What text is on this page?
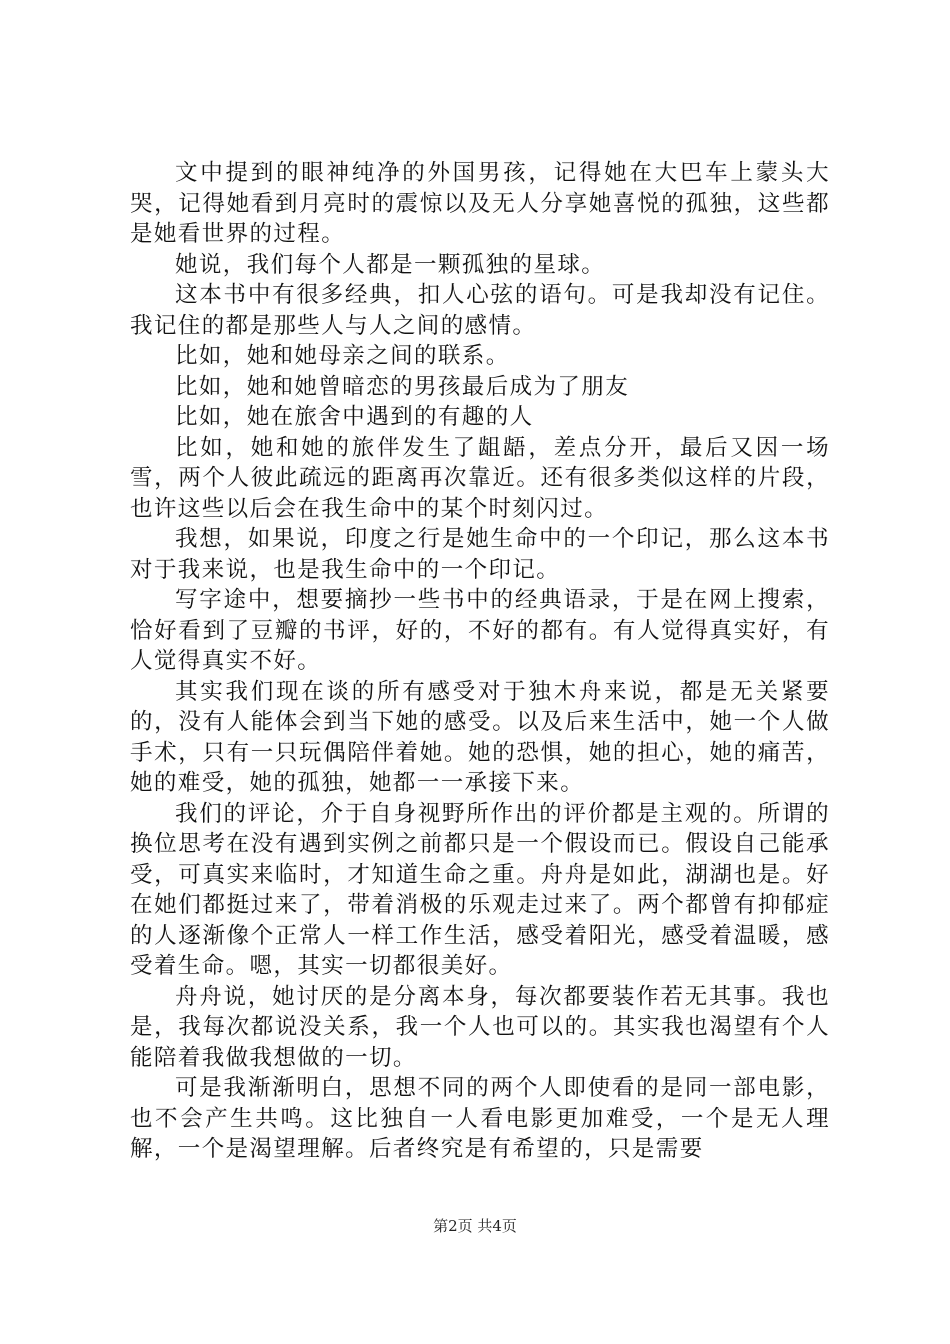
文中提到的眼神纯净的外国男孩，记得她在大巴车上蒙头大哭，记得她看到月亮时的震惊以及无人分享她喜悦的孤独，这些都是她看世界的过程。

她说，我们每个人都是一颗孤独的星球。

这本书中有很多经典，扣人心弦的语句。可是我却没有记住。我记住的都是那些人与人之间的感情。

比如，她和她母亲之间的联系。

比如，她和她曾暗恋的男孩最后成为了朋友

比如，她在旅舍中遇到的有趣的人

比如，她和她的旅伴发生了龃龉，差点分开，最后又因一场雪，两个人彼此疏远的距离再次靠近。还有很多类似这样的片段，也许这些以后会在我生命中的某个时刻闪过。

我想，如果说，印度之行是她生命中的一个印记，那么这本书对于我来说，也是我生命中的一个印记。

写字途中，想要摘抄一些书中的经典语录，于是在网上搜索，恰好看到了豆瓣的书评，好的，不好的都有。有人觉得真实好，有人觉得真实不好。

其实我们现在谈的所有感受对于独木舟来说，都是无关紧要的，没有人能体会到当下她的感受。以及后来生活中，她一个人做手术，只有一只玩偶陪伴着她。她的恐惧，她的担心，她的痛苦，她的难受，她的孤独，她都一一承接下来。

我们的评论，介于自身视野所作出的评价都是主观的。所谓的换位思考在没有遇到实例之前都只是一个假设而已。假设自己能承受，可真实来临时，才知道生命之重。舟舟是如此，湖湖也是。好在她们都挺过来了，带着消极的乐观走过来了。两个都曾有抑郁症的人逐渐像个正常人一样工作生活，感受着阳光，感受着温暖，感受着生命。嗯，其实一切都很美好。

舟舟说，她讨厌的是分离本身，每次都要装作若无其事。我也是，我每次都说没关系，我一个人也可以的。其实我也渴望有个人能陪着我做我想做的一切。

可是我渐渐明白，思想不同的两个人即使看的是同一部电影，也不会产生共鸣。这比独自一人看电影更加难受，一个是无人理解，一个是渴望理解。后者终究是有希望的，只是需要

第2页 共4页
